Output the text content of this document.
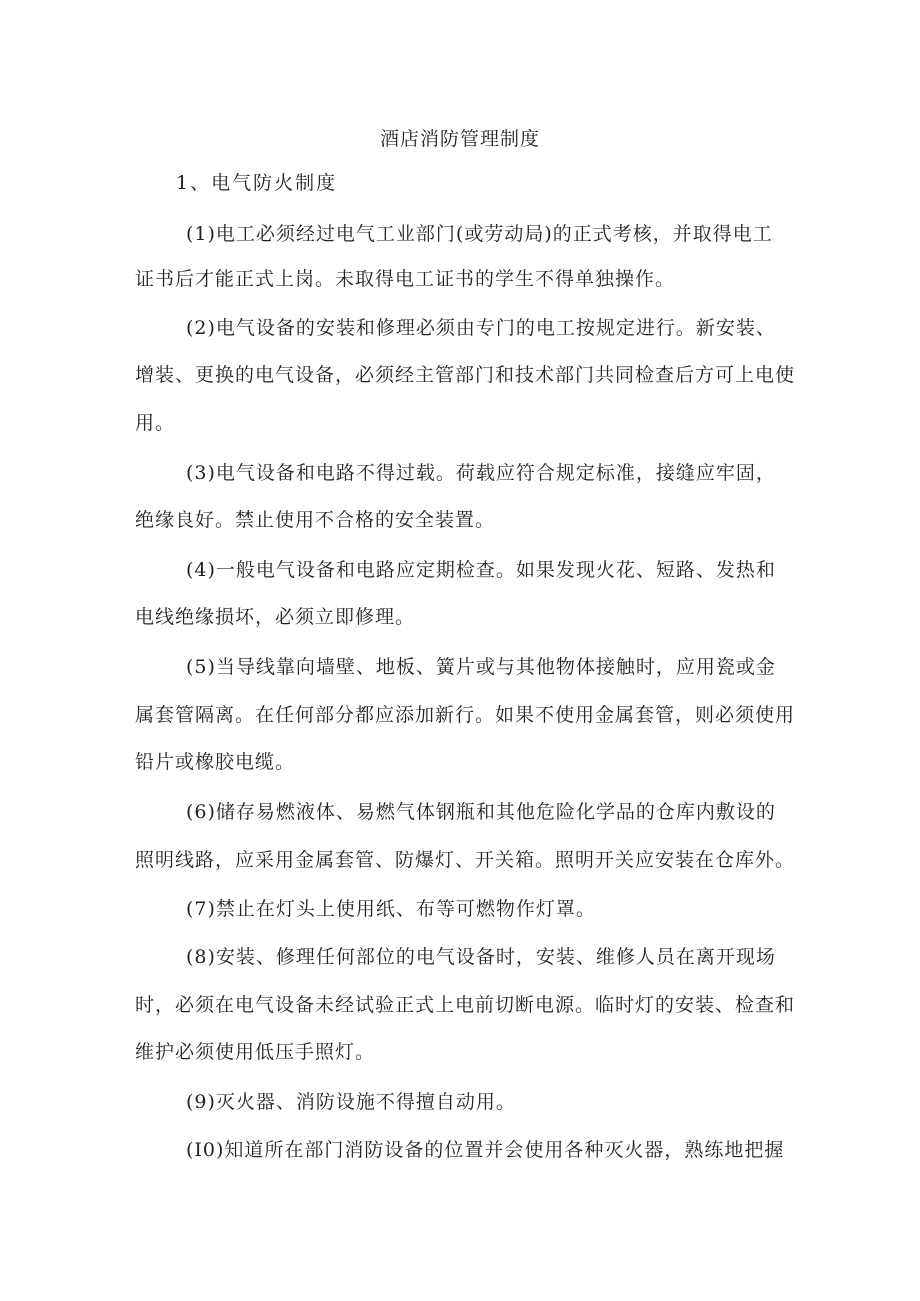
酒店消防管理制度
1、电气防火制度
(1)电工必须经过电气工业部门(或劳动局)的正式考核，并取得电工
证书后才能正式上岗。未取得电工证书的学生不得单独操作。
(2)电气设备的安装和修理必须由专门的电工按规定进行。新安装、
增装、更换的电气设备，必须经主管部门和技术部门共同检查后方可上电使
用。
(3)电气设备和电路不得过载。荷载应符合规定标准，接缝应牢固，
绝缘良好。禁止使用不合格的安全装置。
(4)一般电气设备和电路应定期检查。如果发现火花、短路、发热和
电线绝缘损坏，必须立即修理。
(5)当导线靠向墙壁、地板、簧片或与其他物体接触时，应用瓷或金
属套管隔离。在任何部分都应添加新行。如果不使用金属套管，则必须使用
铅片或橡胶电缆。
(6)储存易燃液体、易燃气体钢瓶和其他危险化学品的仓库内敷设的
照明线路，应采用金属套管、防爆灯、开关箱。照明开关应安装在仓库外。
(7)禁止在灯头上使用纸、布等可燃物作灯罩。
(8)安装、修理任何部位的电气设备时，安装、维修人员在离开现场
时，必须在电气设备未经试验正式上电前切断电源。临时灯的安装、检查和
维护必须使用低压手照灯。
(9)灭火器、消防设施不得擅自动用。
(I0)知道所在部门消防设备的位置并会使用各种灭火器，熟练地把握
